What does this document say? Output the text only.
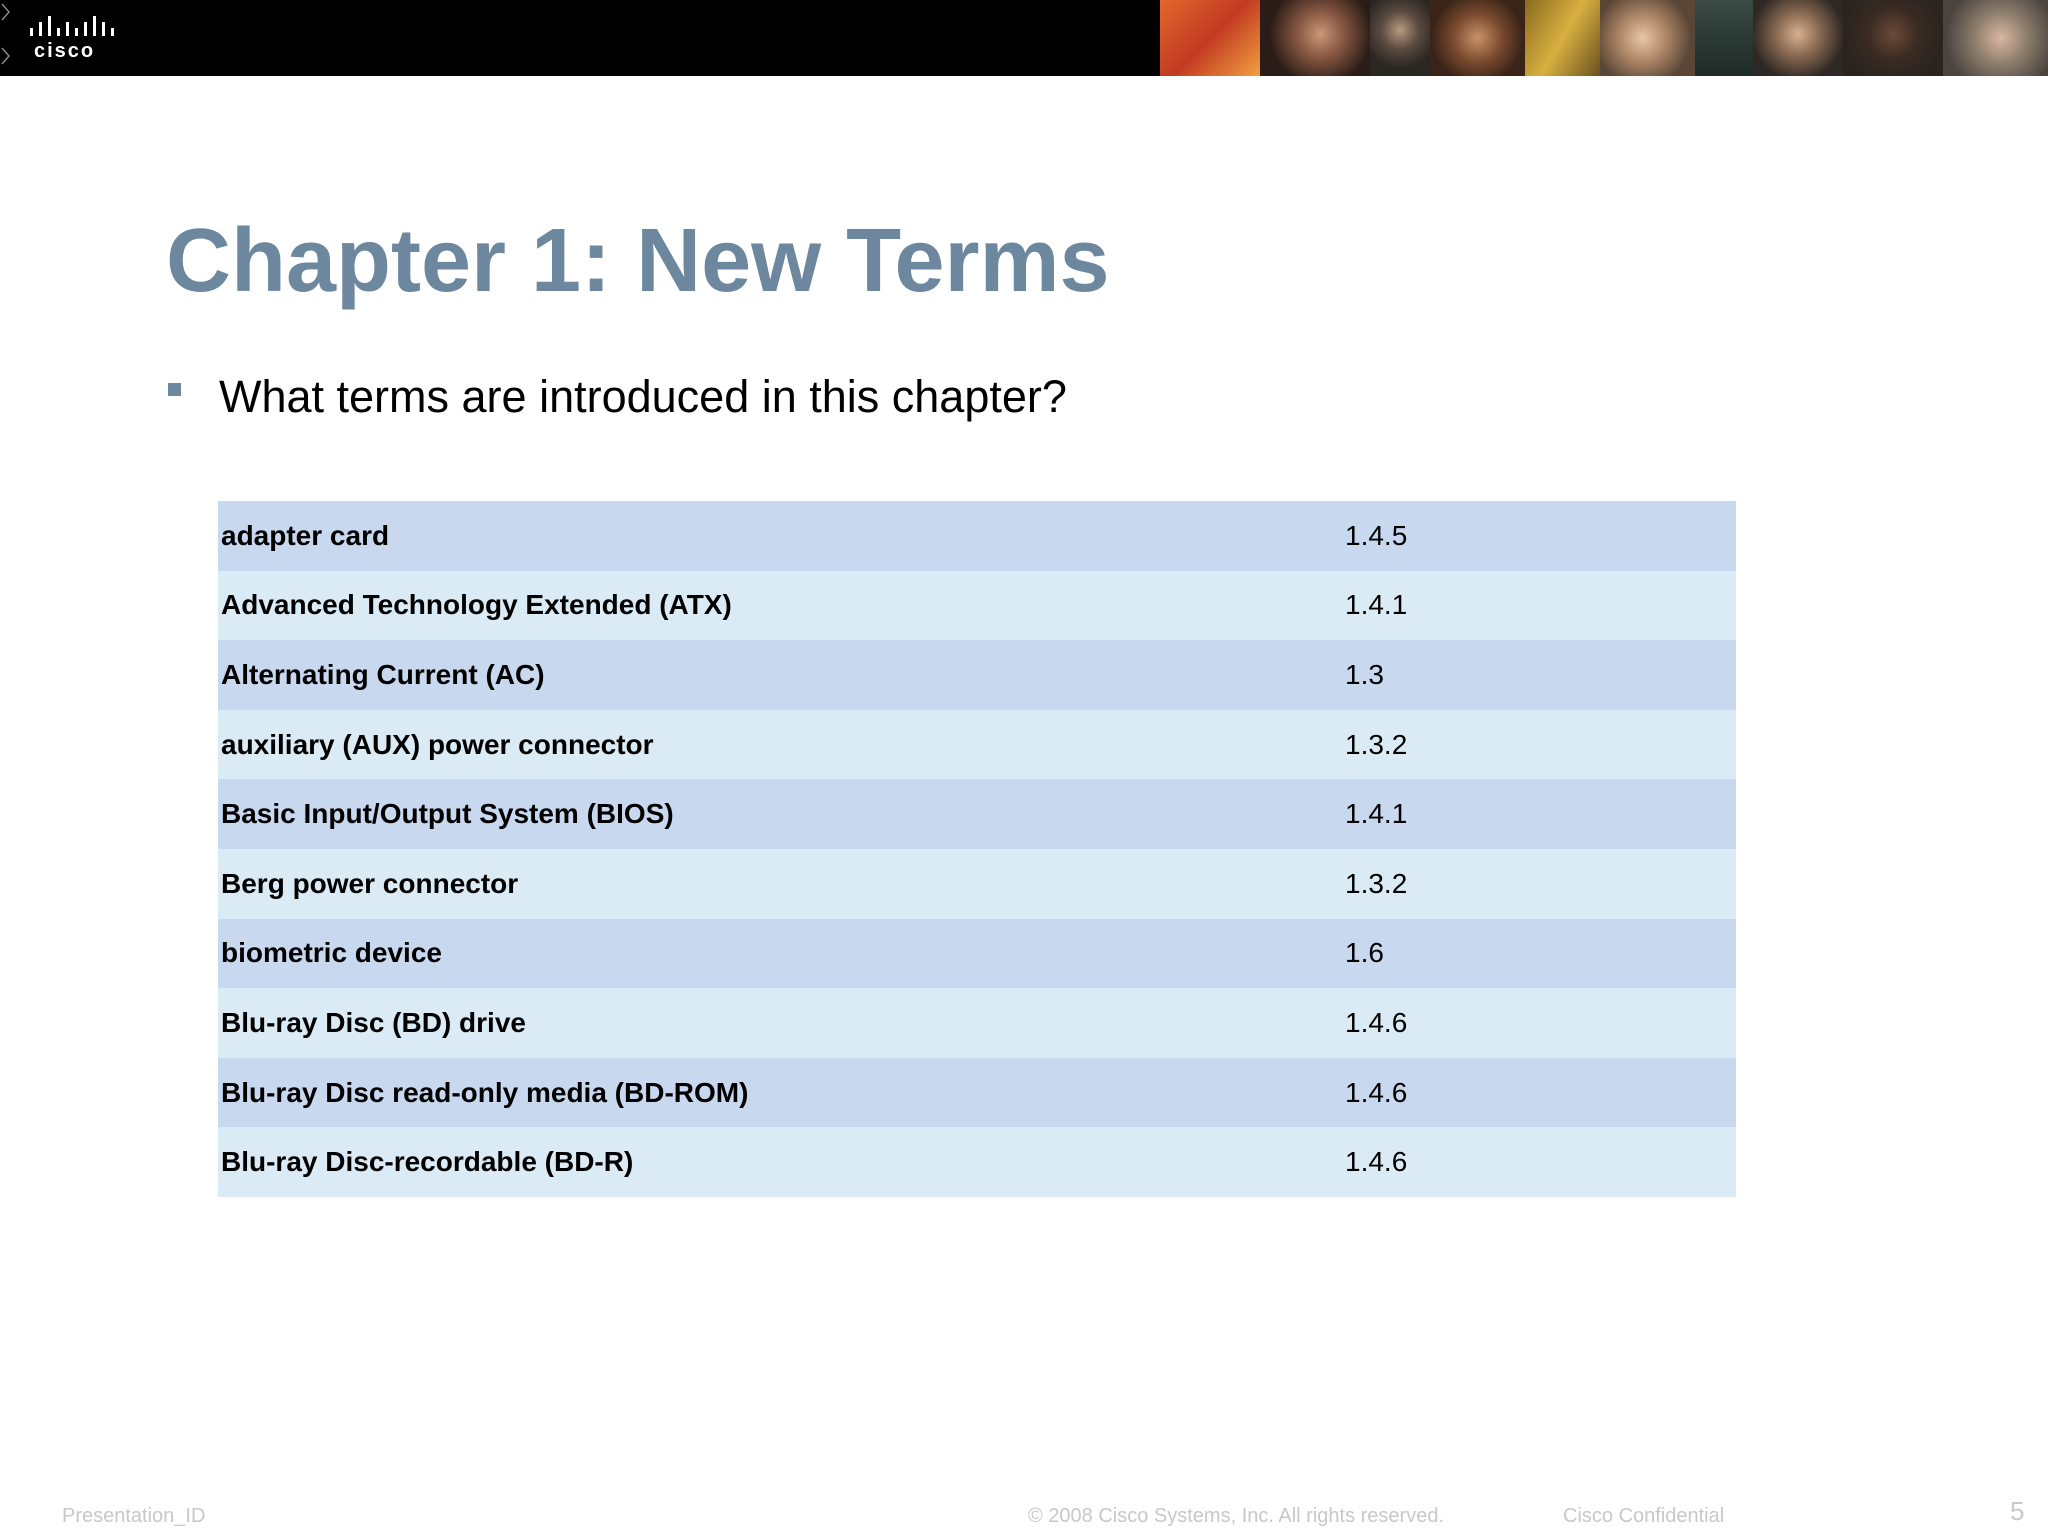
cisco
Chapter 1: New Terms
What terms are introduced in this chapter?
adapter card	1.4.5
Advanced Technology Extended (ATX)	1.4.1
Alternating Current (AC)	1.3
auxiliary (AUX) power connector	1.3.2
Basic Input/Output System (BIOS)	1.4.1
Berg power connector	1.3.2
biometric device	1.6
Blu-ray Disc (BD) drive	1.4.6
Blu-ray Disc read-only media (BD-ROM)	1.4.6
Blu-ray Disc-recordable (BD-R)	1.4.6
Presentation_ID	© 2008 Cisco Systems, Inc. All rights reserved.	Cisco Confidential	5
